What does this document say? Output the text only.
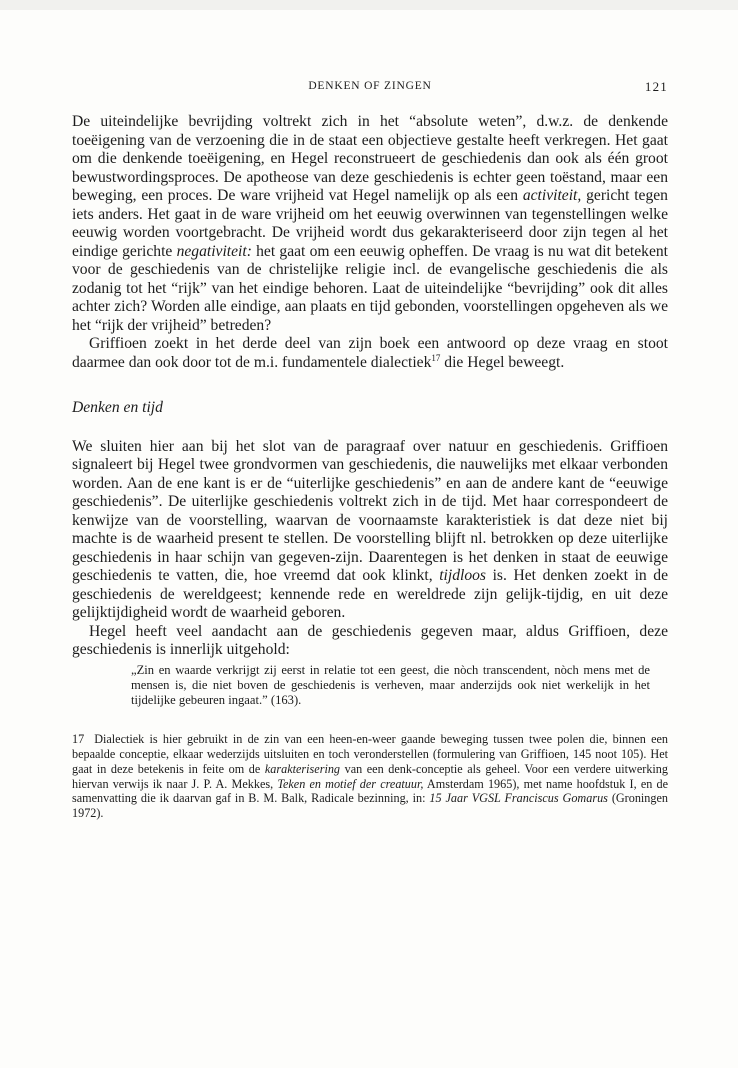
DENKEN OF ZINGEN	121

De uiteindelijke bevrijding voltrekt zich in het “absolute weten”, d.w.z. de denkende toeëigening van de verzoening die in de staat een objectieve gestalte heeft verkregen. Het gaat om die denkende toeëigening, en Hegel reconstrueert de geschiedenis dan ook als één groot bewustwordingsproces. De apotheose van deze geschiedenis is echter geen toëstand, maar een beweging, een proces. De ware vrijheid vat Hegel namelijk op als een activiteit, gericht tegen iets anders. Het gaat in de ware vrijheid om het eeuwig overwinnen van tegenstellingen welke eeuwig worden voortgebracht. De vrijheid wordt dus gekarakteriseerd door zijn tegen al het eindige gerichte negativiteit: het gaat om een eeuwig opheffen. De vraag is nu wat dit betekent voor de geschiedenis van de christelijke religie incl. de evangelische geschiedenis die als zodanig tot het “rijk” van het eindige behoren. Laat de uiteindelijke “bevrijding” ook dit alles achter zich? Worden alle eindige, aan plaats en tijd gebonden, voorstellingen opgeheven als we het “rijk der vrijheid” betreden?

Griffioen zoekt in het derde deel van zijn boek een antwoord op deze vraag en stoot daarmee dan ook door tot de m.i. fundamentele dialectiek$^{17}$ die Hegel beweegt.

Denken en tijd

We sluiten hier aan bij het slot van de paragraaf over natuur en geschiedenis. Griffioen signaleert bij Hegel twee grondvormen van geschiedenis, die nauwelijks met elkaar verbonden worden. Aan de ene kant is er de “uiterlijke geschiedenis” en aan de andere kant de “eeuwige geschiedenis”. De uiterlijke geschiedenis voltrekt zich in de tijd. Met haar correspondeert de kenwijze van de voorstelling, waarvan de voornaamste karakteristiek is dat deze niet bij machte is de waarheid present te stellen. De voorstelling blijft nl. betrokken op deze uiterlijke geschiedenis in haar schijn van gegeven-zijn. Daarentegen is het denken in staat de eeuwige geschiedenis te vatten, die, hoe vreemd dat ook klinkt, tijdloos is. Het denken zoekt in de geschiedenis de wereldgeest; kennende rede en wereldrede zijn gelijk-tijdig, en uit deze gelijktijdigheid wordt de waarheid geboren.

Hegel heeft veel aandacht aan de geschiedenis gegeven maar, aldus Griffioen, deze geschiedenis is innerlijk uitgehold:

„Zin en waarde verkrijgt zij eerst in relatie tot een geest, die nòch transcendent, nòch mens met de mensen is, die niet boven de geschiedenis is verheven, maar anderzijds ook niet werkelijk in het tijdelijke gebeuren ingaat.” (163).

17 Dialectiek is hier gebruikt in de zin van een heen-en-weer gaande beweging tussen twee polen die, binnen een bepaalde conceptie, elkaar wederzijds uitsluiten en toch veronderstellen (formulering van Griffioen, 145 noot 105). Het gaat in deze betekenis in feite om de karakterisering van een denk-conceptie als geheel. Voor een verdere uitwerking hiervan verwijs ik naar J. P. A. Mekkes, Teken en motief der creatuur, Amsterdam 1965), met name hoofdstuk I, en de samenvatting die ik daarvan gaf in B. M. Balk, Radicale bezinning, in: 15 Jaar VGSL Franciscus Gomarus (Groningen 1972).
